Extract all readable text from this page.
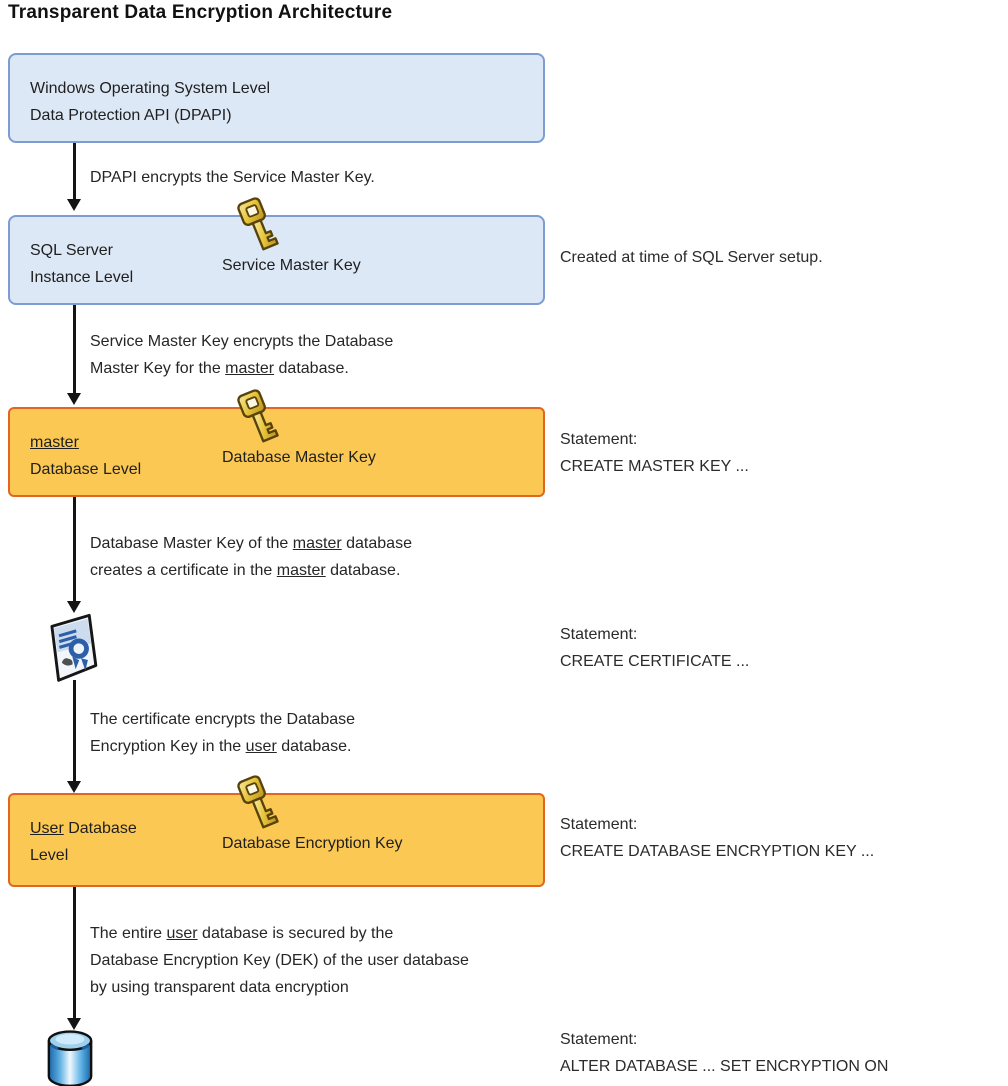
Transparent Data Encryption Architecture
Windows Operating System Level
Data Protection API (DPAPI)
DPAPI encrypts the Service Master Key.
SQL Server
Instance Level
Service Master Key	Created at time of SQL Server setup.
Service Master Key encrypts the Database
Master Key for the master database.
master
Database Level
Database Master Key
Statement:
CREATE MASTER KEY ...
Database Master Key of the master database
creates a certificate in the master database.
Statement:
CREATE CERTIFICATE ...
The certificate encrypts the Database
Encryption Key in the user database.
User Database
Level
Database Encryption Key
Statement:
CREATE DATABASE ENCRYPTION KEY ...
The entire user database is secured by the
Database Encryption Key (DEK) of the user database
by using transparent data encryption
Statement:
ALTER DATABASE ... SET ENCRYPTION ON
